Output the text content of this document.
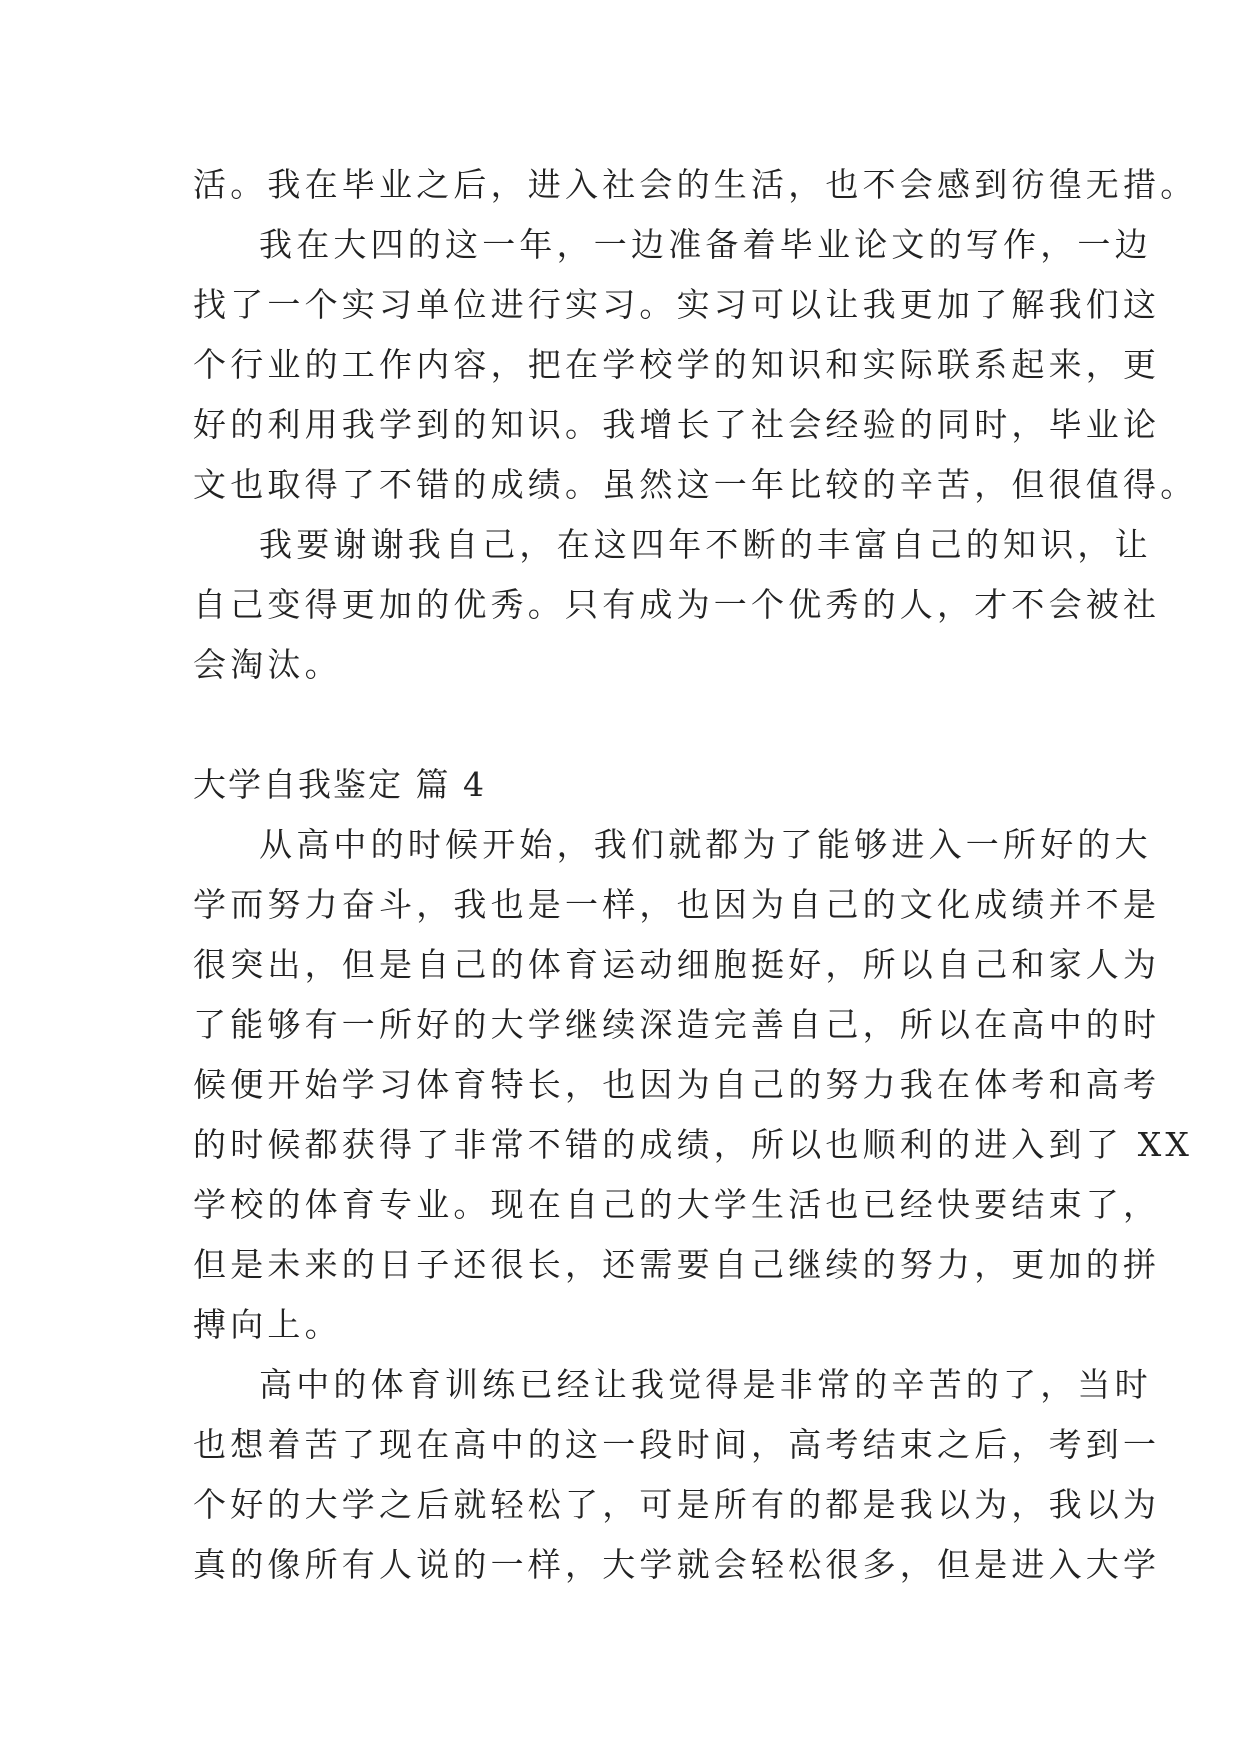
活。我在毕业之后，进入社会的生活，也不会感到彷徨无措。
我在大四的这一年，一边准备着毕业论文的写作，一边
找了一个实习单位进行实习。实习可以让我更加了解我们这
个行业的工作内容，把在学校学的知识和实际联系起来，更
好的利用我学到的知识。我增长了社会经验的同时，毕业论
文也取得了不错的成绩。虽然这一年比较的辛苦，但很值得。
我要谢谢我自己，在这四年不断的丰富自己的知识，让
自己变得更加的优秀。只有成为一个优秀的人，才不会被社
会淘汰。
大学自我鉴定 篇 4
从高中的时候开始，我们就都为了能够进入一所好的大
学而努力奋斗，我也是一样，也因为自己的文化成绩并不是
很突出，但是自己的体育运动细胞挺好，所以自己和家人为
了能够有一所好的大学继续深造完善自己，所以在高中的时
候便开始学习体育特长，也因为自己的努力我在体考和高考
的时候都获得了非常不错的成绩，所以也顺利的进入到了 XX
学校的体育专业。现在自己的大学生活也已经快要结束了，
但是未来的日子还很长，还需要自己继续的努力，更加的拼
搏向上。
高中的体育训练已经让我觉得是非常的辛苦的了，当时
也想着苦了现在高中的这一段时间，高考结束之后，考到一
个好的大学之后就轻松了，可是所有的都是我以为，我以为
真的像所有人说的一样，大学就会轻松很多，但是进入大学
